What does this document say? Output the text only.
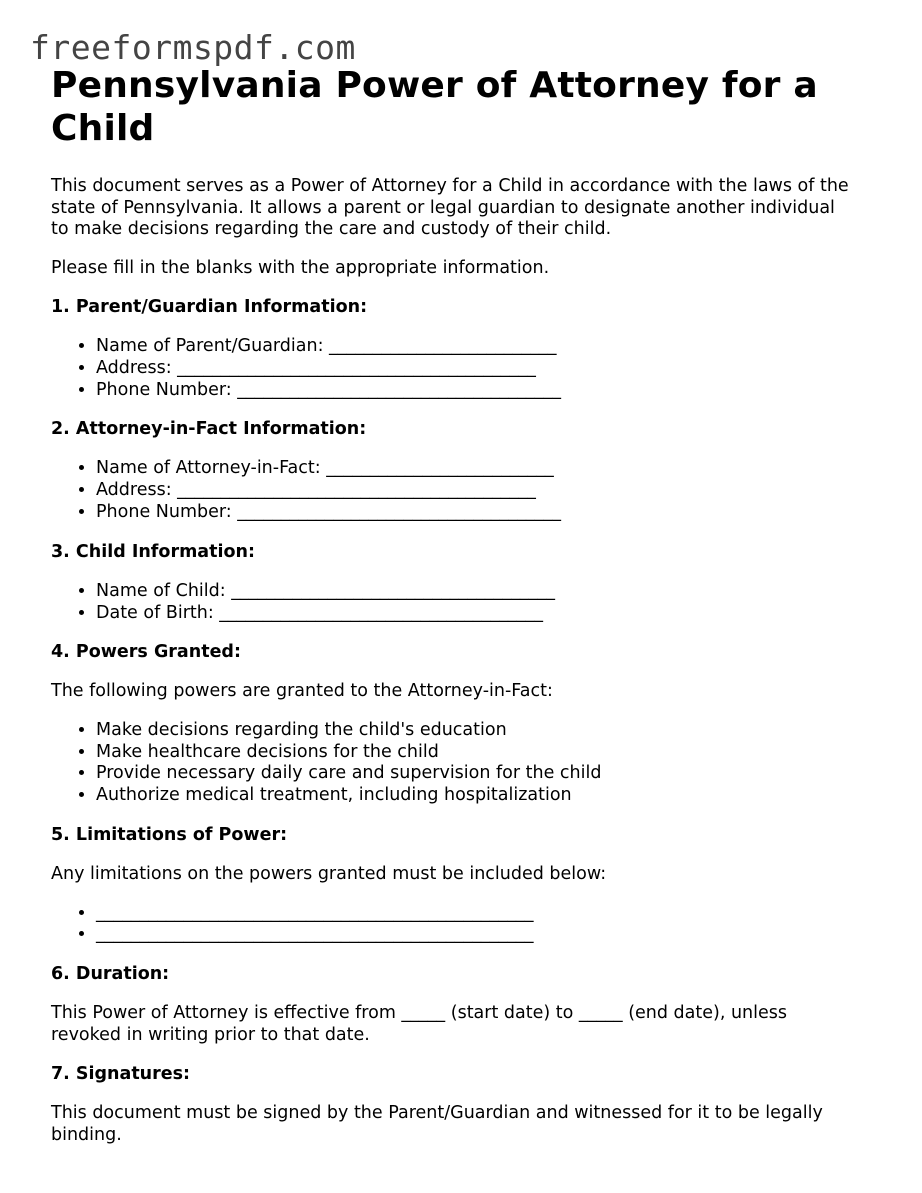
freeformspdf.com
Pennsylvania Power of Attorney for a Child

This document serves as a Power of Attorney for a Child in accordance with the laws of the state of Pennsylvania. It allows a parent or legal guardian to designate another individual to make decisions regarding the care and custody of their child.

Please fill in the blanks with the appropriate information.

1. Parent/Guardian Information:
• Name of Parent/Guardian: __________________________
• Address: _________________________________________
• Phone Number: _____________________________________
2. Attorney-in-Fact Information:
• Name of Attorney-in-Fact: __________________________
• Address: _________________________________________
• Phone Number: _____________________________________
3. Child Information:
• Name of Child: _____________________________________
• Date of Birth: _____________________________________
4. Powers Granted:

The following powers are granted to the Attorney-in-Fact:

• Make decisions regarding the child's education
• Make healthcare decisions for the child
• Provide necessary daily care and supervision for the child
• Authorize medical treatment, including hospitalization
5. Limitations of Power:

Any limitations on the powers granted must be included below:

• __________________________________________________
• __________________________________________________
6. Duration:

This Power of Attorney is effective from _____ (start date) to _____ (end date), unless revoked in writing prior to that date.

7. Signatures:

This document must be signed by the Parent/Guardian and witnessed for it to be legally binding.
